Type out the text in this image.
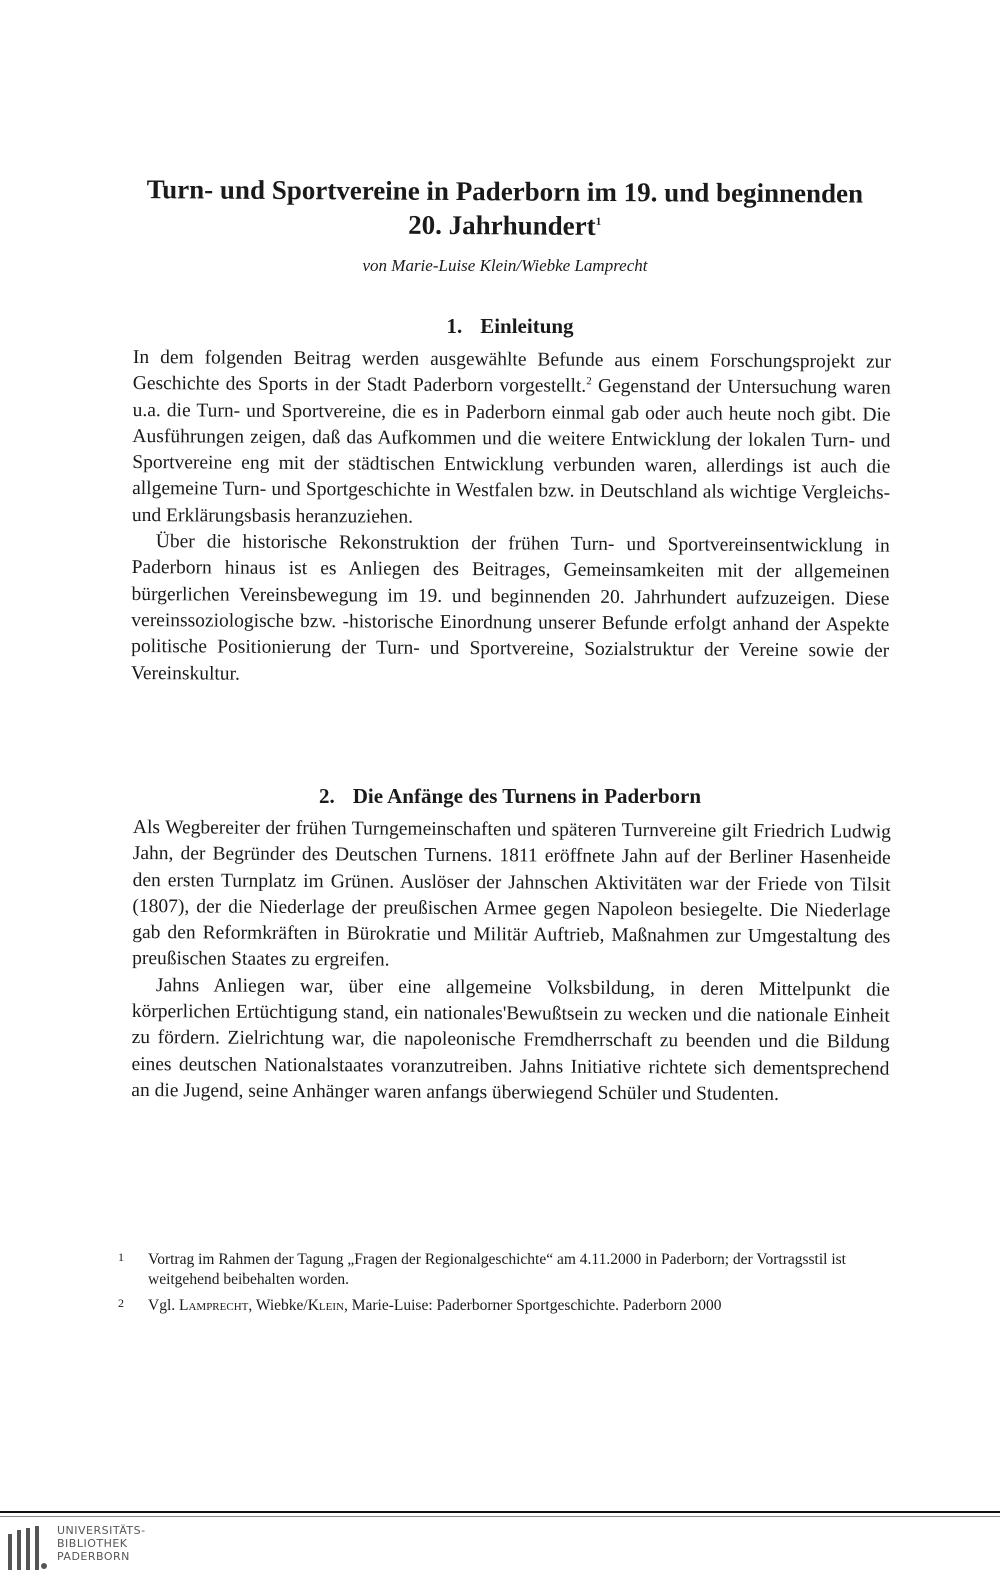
Turn- und Sportvereine in Paderborn im 19. und beginnenden
20. Jahrhundert$^1$
von Marie-Luise Klein/Wiebke Lamprecht
1. Einleitung

In dem folgenden Beitrag werden ausgewählte Befunde aus einem Forschungsprojekt zur Geschichte des Sports in der Stadt Paderborn vorgestellt.$^2$ Gegenstand der Untersuchung waren u.a. die Turn- und Sportvereine, die es in Paderborn einmal gab oder auch heute noch gibt. Die Ausführungen zeigen, daß das Aufkommen und die weitere Entwicklung der lokalen Turn- und Sportvereine eng mit der städtischen Entwicklung verbunden waren, allerdings ist auch die allgemeine Turn- und Sportgeschichte in Westfalen bzw. in Deutschland als wichtige Vergleichs- und Erklärungsbasis heranzuziehen.

Über die historische Rekonstruktion der frühen Turn- und Sportvereinsentwicklung in Paderborn hinaus ist es Anliegen des Beitrages, Gemeinsamkeiten mit der allgemeinen bürgerlichen Vereinsbewegung im 19. und beginnenden 20. Jahrhundert aufzuzeigen. Diese vereinssoziologische bzw. -historische Einordnung unserer Befunde erfolgt anhand der Aspekte politische Positionierung der Turn- und Sportvereine, Sozialstruktur der Vereine sowie der Vereinskultur.

2. Die Anfänge des Turnens in Paderborn

Als Wegbereiter der frühen Turngemeinschaften und späteren Turnvereine gilt Friedrich Ludwig Jahn, der Begründer des Deutschen Turnens. 1811 eröffnete Jahn auf der Berliner Hasenheide den ersten Turnplatz im Grünen. Auslöser der Jahnschen Aktivitäten war der Friede von Tilsit (1807), der die Niederlage der preußischen Armee gegen Napoleon besiegelte. Die Niederlage gab den Reformkräften in Bürokratie und Militär Auftrieb, Maßnahmen zur Umgestaltung des preußischen Staates zu ergreifen.

Jahns Anliegen war, über eine allgemeine Volksbildung, in deren Mittelpunkt die körperlichen Ertüchtigung stand, ein nationales'Bewußtsein zu wecken und die nationale Einheit zu fördern. Zielrichtung war, die napoleonische Fremdherrschaft zu beenden und die Bildung eines deutschen Nationalstaates voranzutreiben. Jahns Initiative richtete sich dementsprechend an die Jugend, seine Anhänger waren anfangs überwiegend Schüler und Studenten.

1	Vortrag im Rahmen der Tagung „Fragen der Regionalgeschichte“ am 4.11.2000 in Paderborn; der Vortragsstil ist weitgehend beibehalten worden.
2	Vgl. Lamprecht, Wiebke/Klein, Marie-Luise: Paderborner Sportgeschichte. Paderborn 2000
UNIVERSITÄTS-
BIBLIOTHEK
PADERBORN
